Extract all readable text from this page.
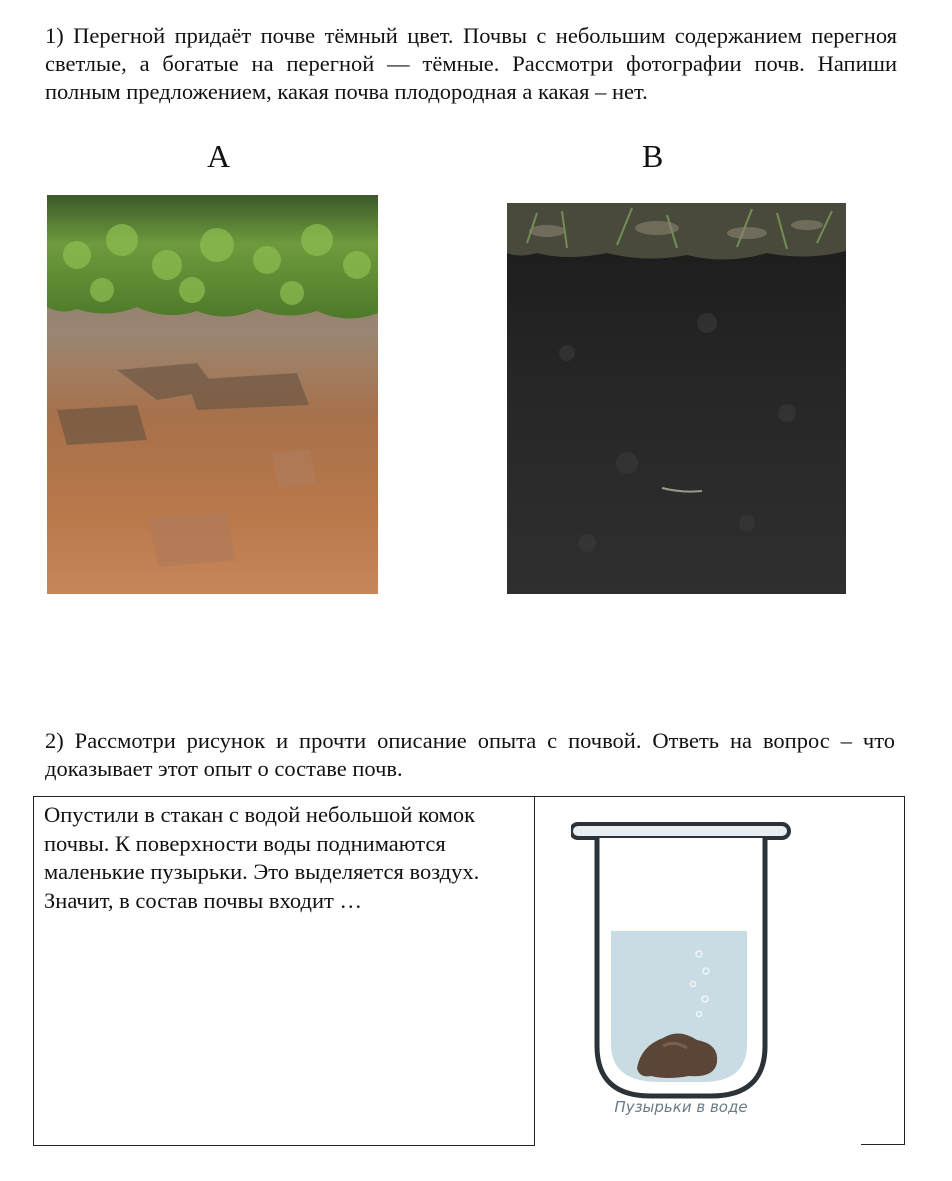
1) Перегной придаёт почве тёмный цвет. Почвы с небольшим содержанием перегноя светлые, а богатые на перегной — тёмные. Рассмотри фотографии почв. Напиши полным предложением, какая почва плодородная а какая – нет.

А	В

2) Рассмотри рисунок и прочти описание опыта с почвой. Ответь на вопрос – что доказывает этот опыт о составе почв.

Опустили в стакан с водой небольшой комок почвы. К поверхности воды поднимаются маленькие пузырьки. Это выделяется воздух. Значит, в состав почвы входит …

Пузырьки в воде
